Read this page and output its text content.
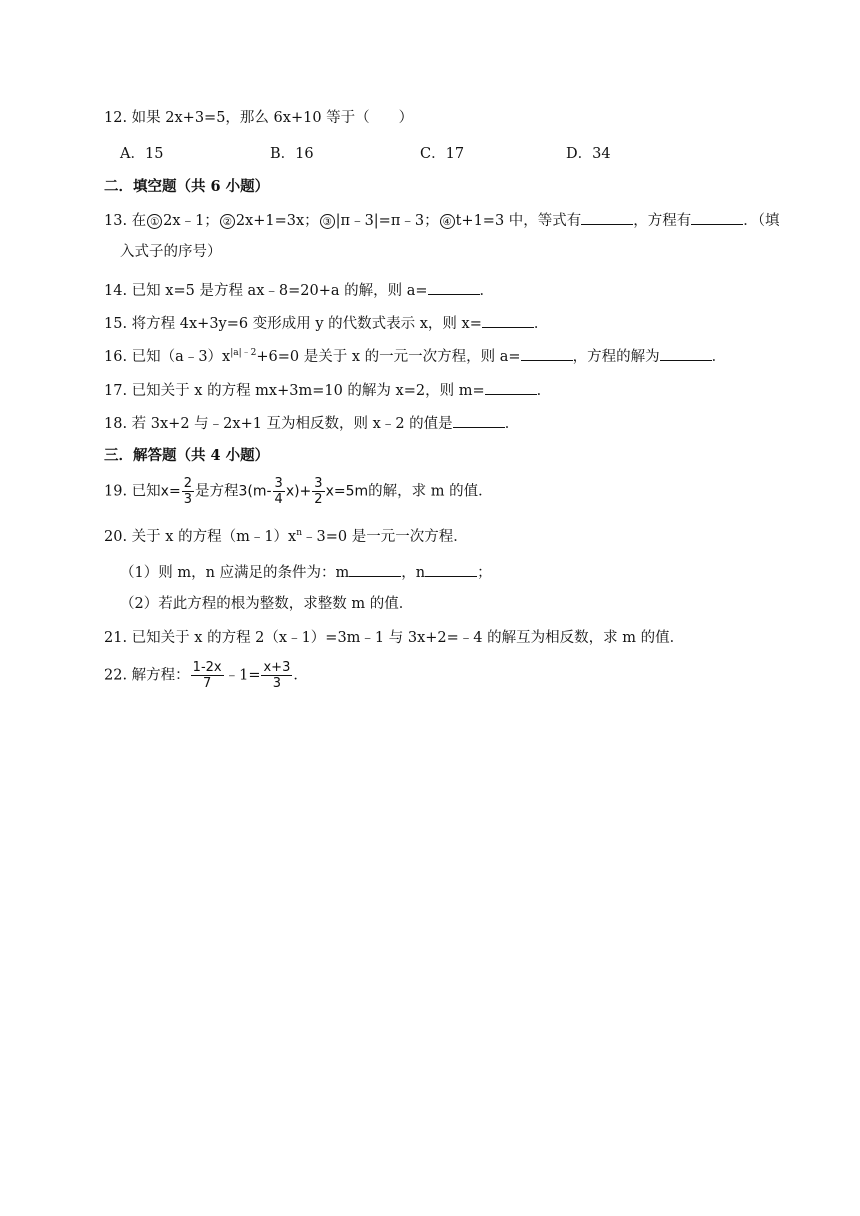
12. 如果 2x+3=5，那么 6x+10 等于（　　）
A．15	B．16	C．17	D．34
二．填空题（共 6 小题）
13. 在 ① 2x﹣1； ② 2x+1=3x； ③ |π﹣3|=π﹣3； ④ t+1=3 中，等式有	，方程有	．（填
入式子的序号）
14. 已知 x=5 是方程 ax﹣8=20+a 的解，则 a=	．
15. 将方程 4x+3y=6 变形成用 y 的代数式表示 x，则 x=	．
16. 已知$(a﹣3)x^{|a|﹣2}+6=0$ 是关于 x 的一元一次方程，则 a=	，方程的解为	．
17. 已知关于 x 的方程 mx+3m=10 的解为 x=2，则 m=	．
18. 若 3x+2 与﹣2x+1 互为相反数，则 x﹣2 的值是	．
三．解答题（共 4 小题）
19. 已知$x= \frac{2}{3}$ 是方程$3(m- \frac{3}{4} x)+ \frac{3}{2} x=5m$的解，求 m 的值．
20. 关于 x 的方程$(m﹣1)x^n﹣3=0$ 是一元一次方程．
（1）则 m，n 应满足的条件为：m	，n	；
（2）若此方程的根为整数，求整数 m 的值．
21. 已知关于 x 的方程 2（x﹣1）=3m﹣1 与 3x+2=﹣4 的解互为相反数，求 m 的值．
22. 解方程： $\frac{1-2x}{7}$ ﹣1= $\frac{x+3}{3}$ ．
